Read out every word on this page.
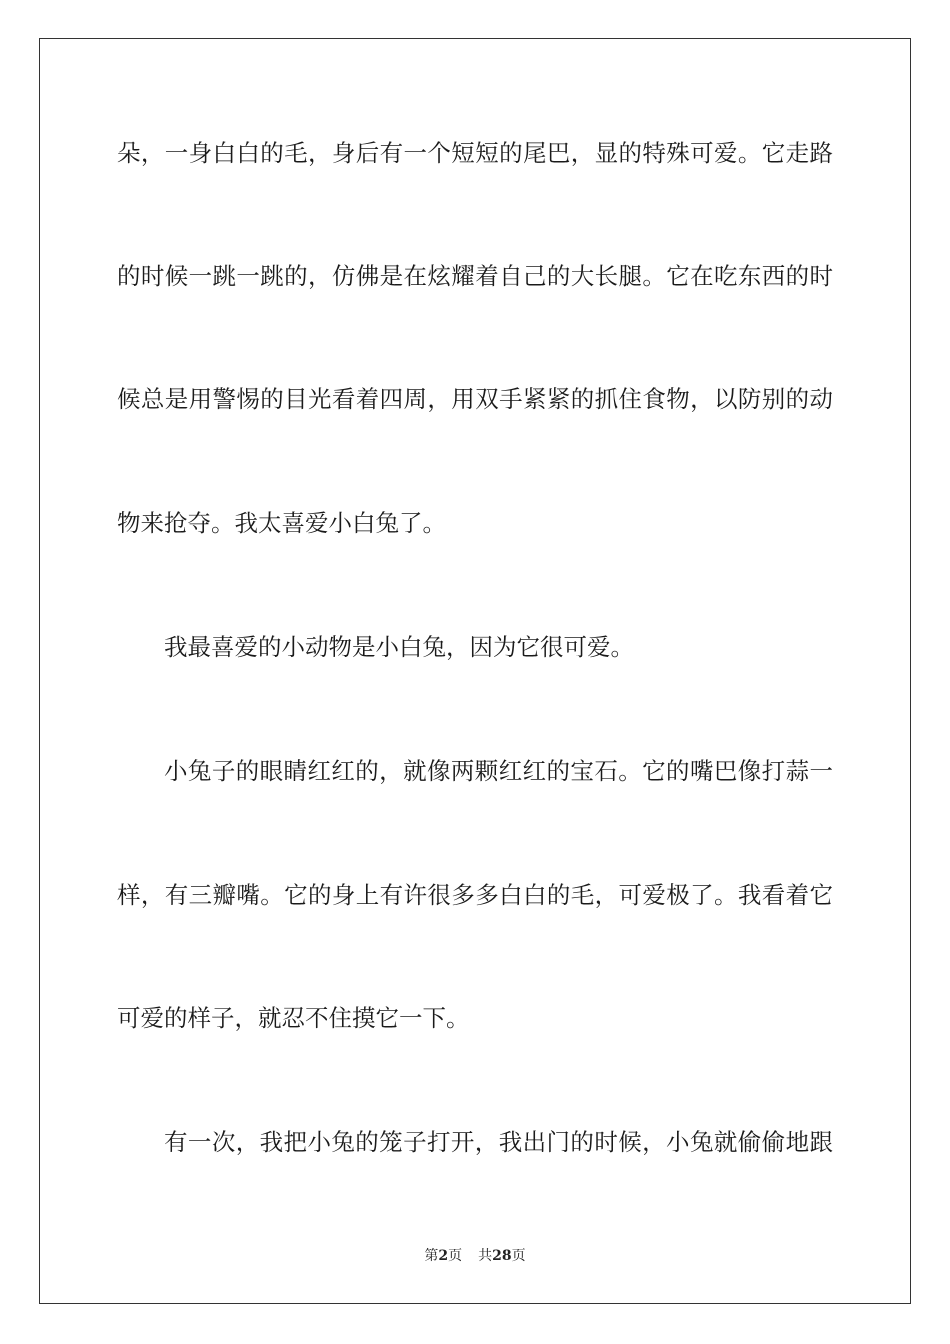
朵，一身白白的毛，身后有一个短短的尾巴，显的特殊可爱。它走路
的时候一跳一跳的，仿佛是在炫耀着自己的大长腿。它在吃东西的时
候总是用警惕的目光看着四周，用双手紧紧的抓住食物，以防别的动
物来抢夺。我太喜爱小白兔了。
我最喜爱的小动物是小白兔，因为它很可爱。
小兔子的眼睛红红的，就像两颗红红的宝石。它的嘴巴像打蒜一
样，有三瓣嘴。它的身上有许很多多白白的毛，可爱极了。我看着它
可爱的样子，就忍不住摸它一下。
有一次，我把小兔的笼子打开，我出门的时候，小兔就偷偷地跟
第2页 共28页
